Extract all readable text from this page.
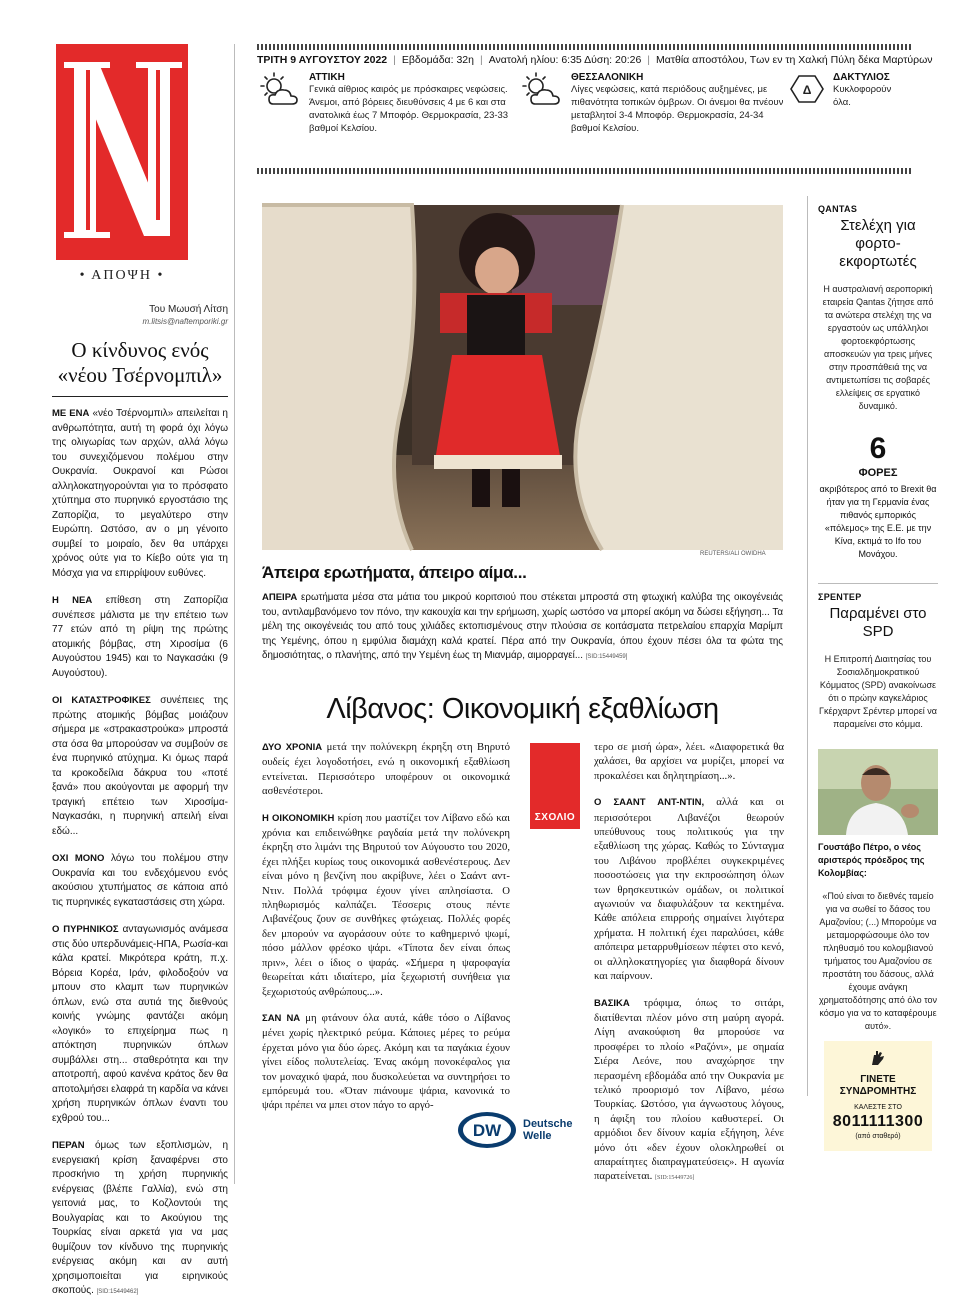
• ΑΠΟΨΗ •
Του Μωυσή Λίτση
m.litsis@naftemporiki.gr
Ο κίνδυνος ενός «νέου Τσέρνομπιλ»

ΜΕ ΕΝΑ «νέο Τσέρνομπιλ» απειλείται η ανθρωπότητα, αυτή τη φορά όχι λόγω της ολιγωρίας των αρχών, αλλά λόγω του συνεχιζόμενου πολέμου στην Ουκρανία. Ουκρανοί και Ρώσοι αλληλοκατηγορούνται για το πρόσφατο χτύπημα στο πυρηνικό εργοστάσιο της Ζαπορίζια, το μεγαλύτερο στην Ευρώπη. Ωστόσο, αν ο μη γένοιτο συμβεί το μοιραίο, δεν θα υπάρχει χρόνος ούτε για το Κίεβο ούτε για τη Μόσχα για να επιρρίψουν ευθύνες.

Η ΝΕΑ επίθεση στη Ζαπορίζια συνέπεσε μάλιστα με την επέτειο των 77 ετών από τη ρίψη της πρώτης ατομικής βόμβας, στη Χιροσίμα (6 Αυγούστου 1945) και το Ναγκασάκι (9 Αυγούστου).

ΟΙ ΚΑΤΑΣΤΡΟΦΙΚΕΣ συνέπειες της πρώτης ατομικής βόμβας μοιάζουν σήμερα με «στρακαστρούκα» μπροστά στα όσα θα μπορούσαν να συμβούν σε ένα πυρηνικό ατύχημα. Κι όμως παρά τα κροκοδείλια δάκρυα του «ποτέ ξανά» που ακούγονται με αφορμή την τραγική επέτειο των Χιροσίμα-Ναγκασάκι, η πυρηνική απειλή είναι εδώ...

ΟΧΙ ΜΟΝΟ λόγω του πολέμου στην Ουκρανία και του ενδεχόμενου ενός ακούσιου χτυπήματος σε κάποια από τις πυρηνικές εγκαταστάσεις στη χώρα.

Ο ΠΥΡΗΝΙΚΟΣ ανταγωνισμός ανάμεσα στις δύο υπερδυνάμεις-ΗΠΑ, Ρωσία-και κάλα κρατεί. Μικρότερα κράτη, π.χ. Βόρεια Κορέα, Ιράν, φιλοδοξούν να μπουν στο κλαμπ των πυρηνικών όπλων, ενώ στα αυτιά της διεθνούς κοινής γνώμης φαντάζει ακόμη «λογικό» το επιχείρημα πως η απόκτηση πυρηνικών όπλων συμβάλλει στη... σταθερότητα και την αποτροπή, αφού κανένα κράτος δεν θα αποτολμήσει ελαφρά τη καρδία να κάνει χρήση πυρηνικών όπλων έναντι του εχθρού του...

ΠΕΡΑΝ όμως των εξοπλισμών, η ενεργειακή κρίση ξαναφέρνει στο προσκήνιο τη χρήση πυρηνικής ενέργειας (βλέπε Γαλλία), ενώ στη γειτονιά μας, το Κοζλοντούι της Βουλγαρίας και το Ακούγιου της Τουρκίας είναι αρκετά για να μας θυμίζουν τον κίνδυνο της πυρηνικής ενέργειας ακόμη και αν αυτή χρησιμοποιείται για ειρηνικούς σκοπούς. [SID:15449462]

ΤΡΙΤΗ 9 ΑΥΓΟΥΣΤΟΥ 2022 | Εβδομάδα: 32η | Ανατολή ηλίου: 6:35 Δύση: 20:26 | Ματθία αποστόλου, Των εν τη Χαλκή Πύλη δέκα Μαρτύρων
ΑΤΤΙΚΗ
Γενικά αίθριος καιρός με πρόσκαιρες νεφώσεις. Άνεμοι, από βόρειες διευθύνσεις 4 με 6 και στα ανατολικά έως 7 Μποφόρ. Θερμοκρασία, 23-33 βαθμοί Κελσίου.
ΘΕΣΣΑΛΟΝΙΚΗ
Λίγες νεφώσεις, κατά περιόδους αυξημένες, με πιθανότητα τοπικών όμβρων. Οι άνεμοι θα πνέουν μεταβλητοί 3-4 Μποφόρ. Θερμοκρασία, 24-34 βαθμοί Κελσίου.
Δ
ΔΑΚΤΥΛΙΟΣ
Κυκλοφορούν όλα.
REUTERS/ALI OWIDHA
Άπειρα ερωτήματα, άπειρο αίμα...
ΑΠΕΙΡΑ ερωτήματα μέσα στα μάτια του μικρού κοριτσιού που στέκεται μπροστά στη φτωχική καλύβα της οικογένειάς του, αντιλαμβανόμενο τον πόνο, την κακουχία και την ερήμωση, χωρίς ωστόσο να μπορεί ακόμη να δώσει εξήγηση... Τα μέλη της οικογένειάς του από τους χιλιάδες εκτοπισμένους στην πλούσια σε κοιτάσματα πετρελαίου επαρχία Μαρίμπ της Υεμένης, όπου η εμφύλια διαμάχη καλά κρατεί. Πέρα από την Ουκρανία, όπου έχουν πέσει όλα τα φώτα της δημοσιότητας, ο πλανήτης, από την Υεμένη έως τη Μιανμάρ, αιμορραγεί... [SID:15449459]
QANTAS
Στελέχη για φορτο-εκφορτωτές
Η αυστραλιανή αεροπορική εταιρεία Qantas ζήτησε από τα ανώτερα στελέχη της να εργαστούν ως υπάλληλοι φορτοεκφόρτωσης αποσκευών για τρεις μήνες στην προσπάθειά της να αντιμετωπίσει τις σοβαρές ελλείψεις σε εργατικό δυναμικό.
6
ΦΟΡΕΣ
ακριβότερος από το Brexit θα ήταν για τη Γερμανία ένας πιθανός εμπορικός «πόλεμος» της Ε.Ε. με την Κίνα, εκτιμά το Ifo του Μονάχου.
ΣΡΕΝΤΕΡ
Παραμένει στο SPD
Η Επιτροπή Διαιτησίας του Σοσιαλδημοκρατικού Κόμματος (SPD) ανακοίνωσε ότι ο πρώην καγκελάριος Γκέρχαρντ Σρέντερ μπορεί να παραμείνει στο κόμμα.
Γουστάβο Πέτρο, ο νέος αριστερός πρόεδρος της Κολομβίας:
«Πού είναι το διεθνές ταμείο για να σωθεί το δάσος του Αμαζονίου; (...) Μπορούμε να μεταμορφώσουμε όλο τον πληθυσμό του κολομβιανού τμήματος του Αμαζονίου σε προστάτη του δάσους, αλλά έχουμε ανάγκη χρηματοδότησης από όλο τον κόσμο για να το καταφέρουμε αυτό».
ΓΙΝΕΤΕ ΣΥΝΔΡΟΜΗΤΗΣ
ΚΑΛΕΣΤΕ ΣΤΟ
8011111300
(από σταθερό)
Λίβανος: Οικονομική εξαθλίωση

ΔΥΟ ΧΡΟΝΙΑ μετά την πολύνεκρη έκρηξη στη Βηρυτό ουδείς έχει λογοδοτήσει, ενώ η οικονομική εξαθλίωση εντείνεται. Περισσότερο υποφέρουν οι οικονομικά ασθενέστεροι.

Η ΟΙΚΟΝΟΜΙΚΗ κρίση που μαστίζει τον Λίβανο εδώ και χρόνια και επιδεινώθηκε ραγδαία μετά την πολύνεκρη έκρηξη στο λιμάνι της Βηρυτού τον Αύγουστο του 2020, έχει πλήξει κυρίως τους οικονομικά ασθενέστερους. Δεν είναι μόνο η βενζίνη που ακρίβυνε, λέει ο Σαάντ αντ-Ντιν. Πολλά τρόφιμα έχουν γίνει απλησίαστα. Ο πληθωρισμός καλπάζει. Τέσσερις στους πέντε Λιβανέζους ζουν σε συνθήκες φτώχειας. Πολλές φορές δεν μπορούν να αγοράσουν ούτε το καθημερινό ψωμί, πόσο μάλλον φρέσκο ψάρι. «Τίποτα δεν είναι όπως πριν», λέει ο ίδιος ο ψαράς. «Σήμερα η ψαροφαγία θεωρείται κάτι ιδιαίτερο, μία ξεχωριστή συνήθεια για ξεχωριστούς ανθρώπους...».

ΣΑΝ ΝΑ μη φτάνουν όλα αυτά, κάθε τόσο ο Λίβανος μένει χωρίς ηλεκτρικό ρεύμα. Κάποιες μέρες το ρεύμα έρχεται μόνο για δύο ώρες. Ακόμη και τα παγάκια έχουν γίνει είδος πολυτελείας. Ένας ακόμη πονοκέφαλος για τον μοναχικό ψαρά, που δυσκολεύεται να συντηρήσει το εμπόρευμά του. «Όταν πιάνουμε ψάρια, κανονικά το ψάρι πρέπει να μπει στον πάγο το αργό-

ΣΧΟΛΙΟ

τερο σε μισή ώρα», λέει. «Διαφορετικά θα χαλάσει, θα αρχίσει να μυρίζει, μπορεί να προκαλέσει και δηλητηρίαση...».

Ο ΣΑΑΝΤ ΑΝΤ-ΝΤΙΝ, αλλά και οι περισσότεροι Λιβανέζοι θεωρούν υπεύθυνους τους πολιτικούς για την εξαθλίωση της χώρας. Καθώς το Σύνταγμα του Λιβάνου προβλέπει συγκεκριμένες ποσοστώσεις για την εκπροσώπηση όλων των θρησκευτικών ομάδων, οι πολιτικοί αγωνιούν να διαφυλάξουν τα κεκτημένα. Κάθε απόλεια επιρροής σημαίνει λιγότερα χρήματα. Η πολιτική έχει παραλύσει, κάθε απόπειρα μεταρρυθμίσεων πέφτει στο κενό, οι αλληλοκατηγορίες για διαφθορά δίνουν και παίρνουν.

ΒΑΣΙΚΑ τρόφιμα, όπως το σιτάρι, διατίθενται πλέον μόνο στη μαύρη αγορά. Λίγη ανακούφιση θα μπορούσε να προσφέρει το πλοίο «Ραζόνι», με σημαία Σιέρα Λεόνε, που αναχώρησε την περασμένη εβδομάδα από την Ουκρανία με τελικό προορισμό τον Λίβανο, μέσω Τουρκίας. Ωστόσο, για άγνωστους λόγους, η άφιξη του πλοίου καθυστερεί. Οι αρμόδιοι δεν δίνουν καμία εξήγηση, λένε μόνο ότι «δεν έχουν ολοκληρωθεί οι απαραίτητες διαπραγματεύσεις». Η αγωνία παρατείνεται. [SID:15449726]

DW Deutsche
Welle
